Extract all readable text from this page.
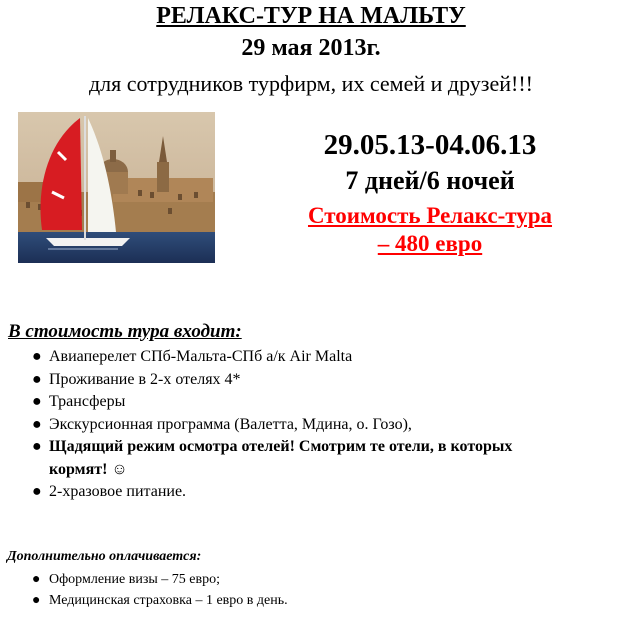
РЕЛАКС-ТУР НА МАЛЬТУ
29 мая 2013г.
для сотрудников турфирм, их семей и друзей!!!
29.05.13-04.06.13
7 дней/6 ночей
Стоимость Релакс-тура
– 480 евро
В стоимость тура входит:
● Авиаперелет СПб-Мальта-СПб а/к Air Malta
● Проживание в 2-х отелях 4*
● Трансферы
● Экскурсионная программа (Валетта, Мдина, о. Гозо),
● Щадящий режим осмотра отелей! Смотрим те отели, в которых
кормят! ☺
● 2-хразовое питание.
Дополнительно оплачивается:
● Оформление визы – 75 евро;
● Медицинская страховка – 1 евро в день.
